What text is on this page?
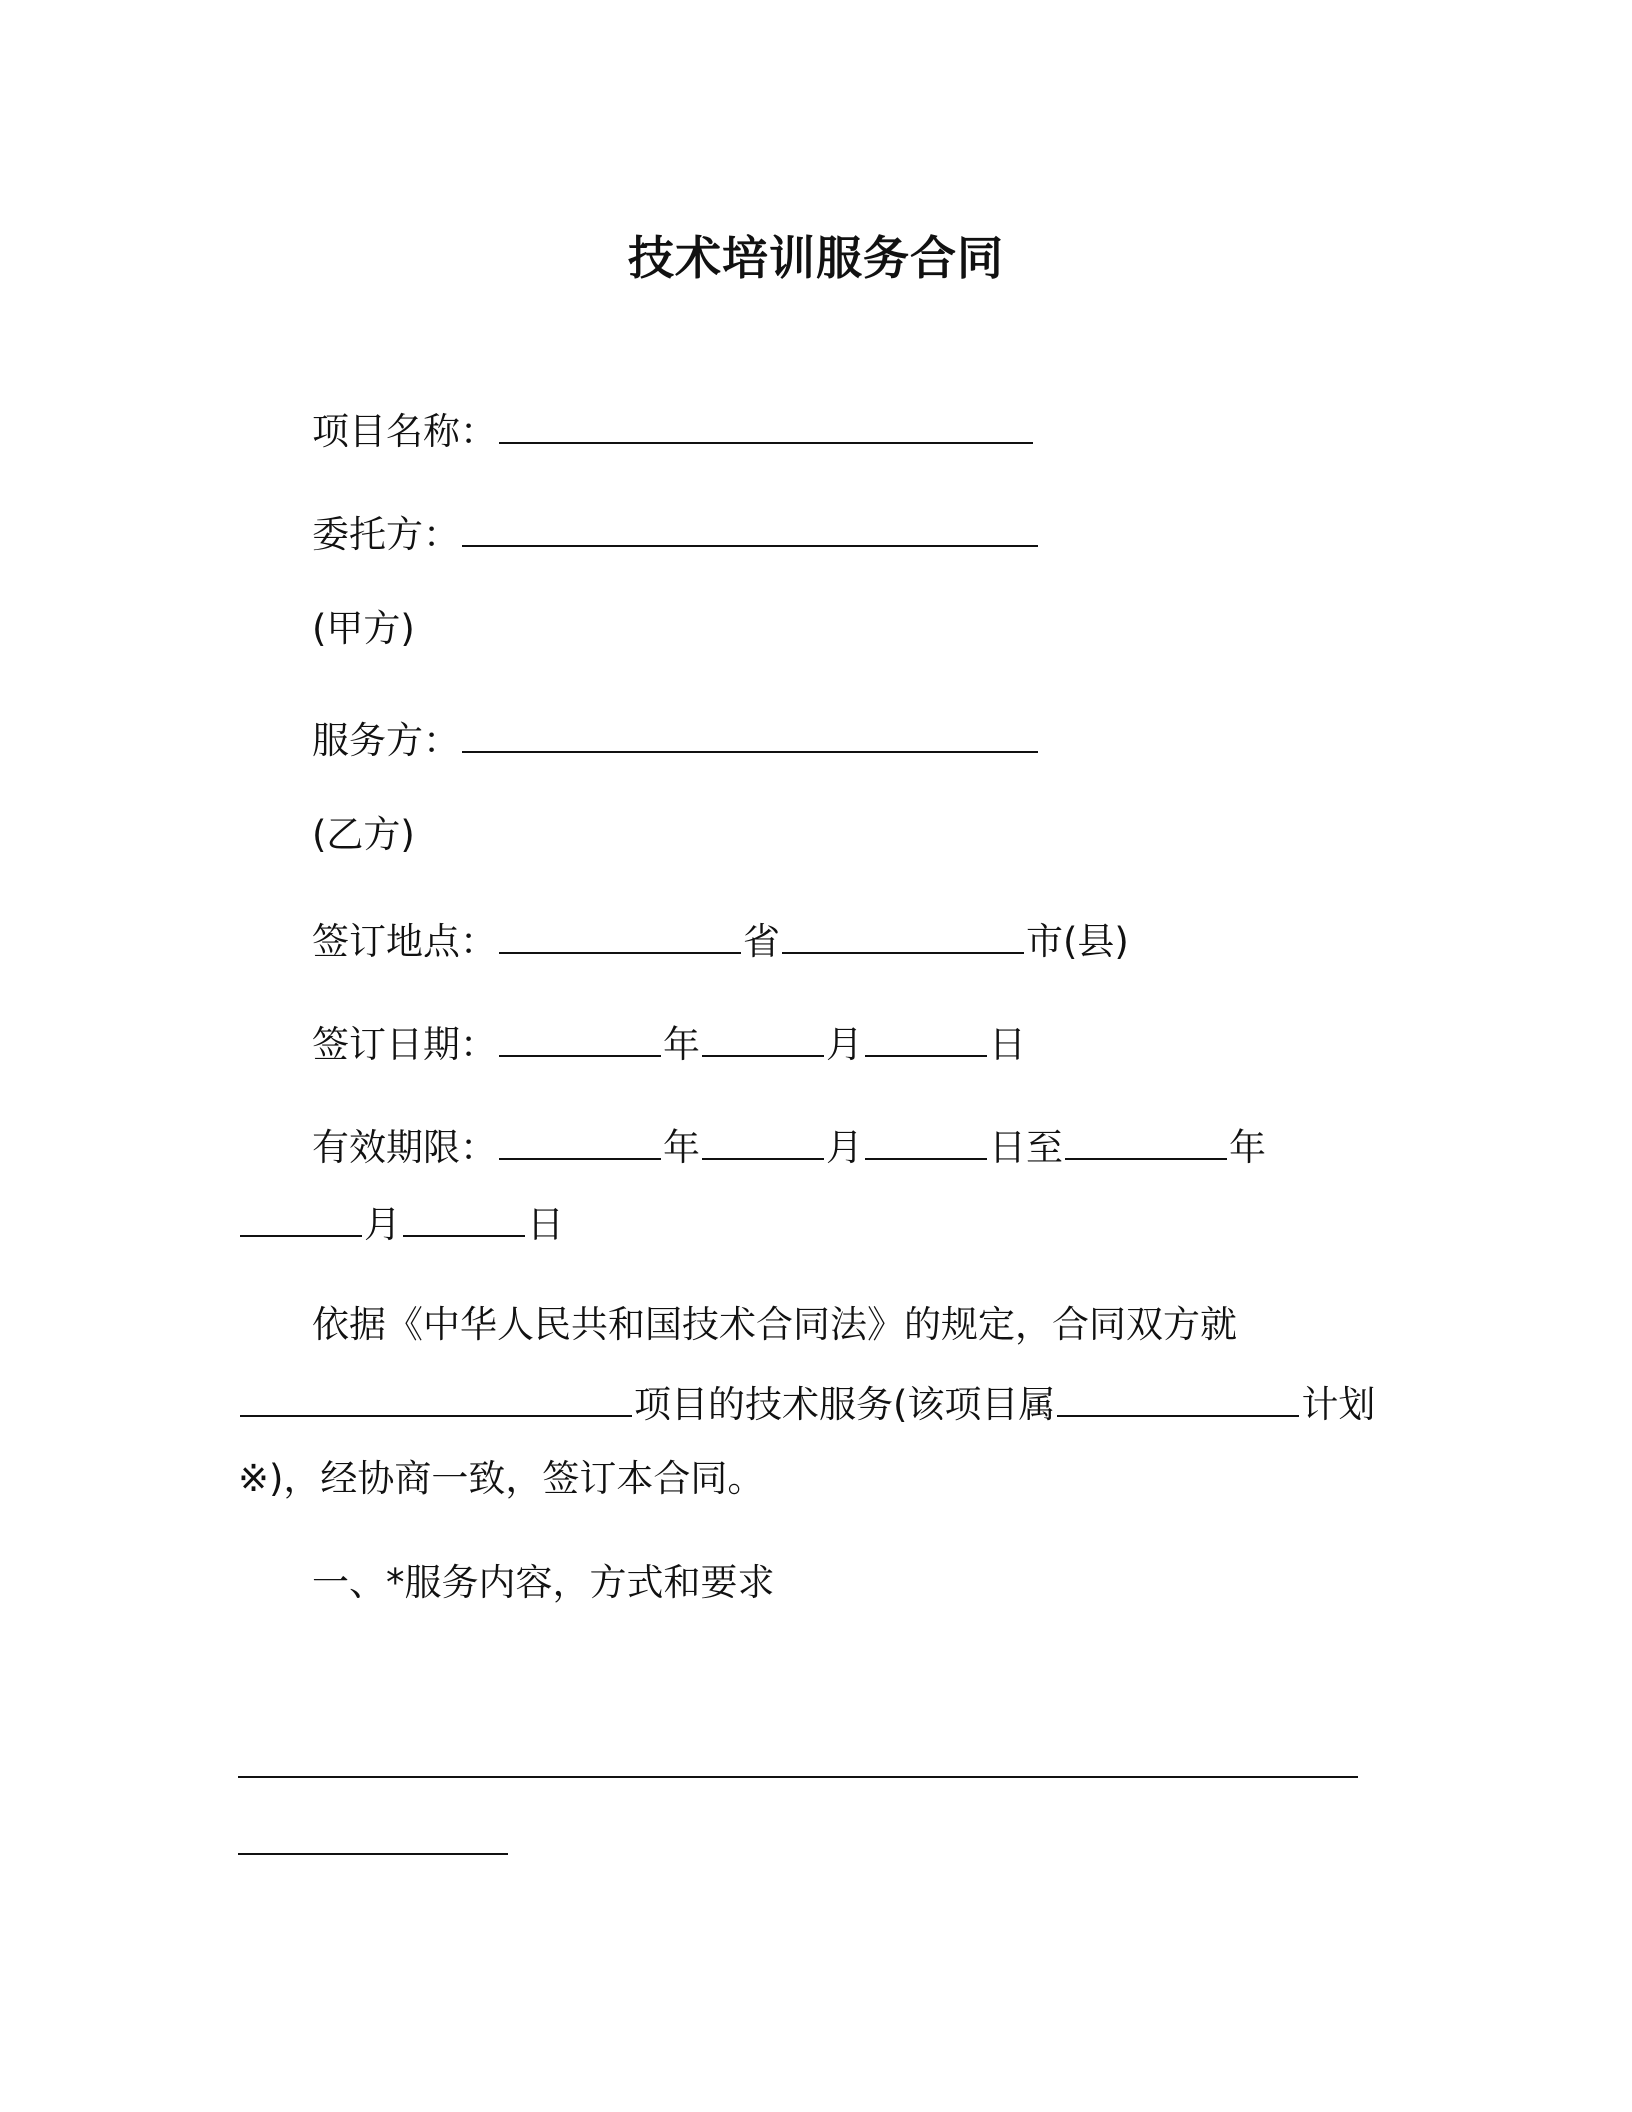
技术培训服务合同
项目名称：
委托方：
(甲方)
服务方：
(乙方)
签订地点：	省	市(县)
签订日期：	年	月	日
有效期限：	年	月	日至	年
月	日
依据《中华人民共和国技术合同法》的规定，合同双方就
项目的技术服务(该项目属	计划
※)，经协商一致，签订本合同。
一、*服务内容，方式和要求
